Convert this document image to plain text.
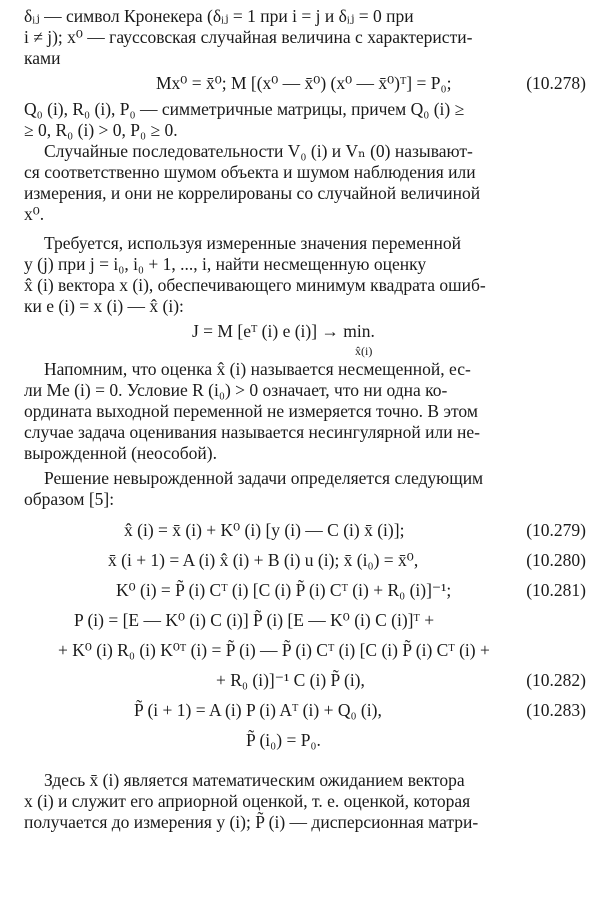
δᵢⱼ — символ Кронекера (δᵢⱼ = 1 при i = j и δᵢⱼ = 0 при

i ≠ j); x⁰ — гауссовская случайная величина с характеристи-

ками

Mx⁰ = x̄⁰; M [(x⁰ — x̄⁰) (x⁰ — x̄⁰)ᵀ] = P₀;	(10.278)

Q₀ (i), R₀ (i), P₀ — симметричные матрицы, причем Q₀ (i) ≥

≥ 0, R₀ (i) > 0, P₀ ≥ 0.

Случайные последовательности V₀ (i) и Vₙ (0) называют-

ся соответственно шумом объекта и шумом наблюдения или

измерения, и они не коррелированы со случайной величиной

x⁰.

Требуется, используя измеренные значения переменной

y (j) при j = i₀, i₀ + 1, ..., i, найти несмещенную оценку

x̂ (i) вектора x (i), обеспечивающего минимум квадрата ошиб-

ки e (i) = x (i) — x̂ (i):

J = M [eᵀ (i) e (i)] → min.
x̂(i)

Напомним, что оценка x̂ (i) называется несмещенной, ес-

ли Me (i) = 0. Условие R (i₀) > 0 означает, что ни одна ко-

ордината выходной переменной не измеряется точно. В этом

случае задача оценивания называется несингулярной или не-

вырожденной (неособой).

Решение невырожденной задачи определяется следующим

образом [5]:

x̂ (i) = x̄ (i) + K⁰ (i) [y (i) — C (i) x̄ (i)];	(10.279)
x̄ (i + 1) = A (i) x̂ (i) + B (i) u (i); x̄ (i₀) = x̄⁰,	(10.280)
K⁰ (i) = P̃ (i) Cᵀ (i) [C (i) P̃ (i) Cᵀ (i) + R₀ (i)]⁻¹;	(10.281)
P (i) = [E — K⁰ (i) C (i)] P̃ (i) [E — K⁰ (i) C (i)]ᵀ +
+ K⁰ (i) R₀ (i) K⁰ᵀ (i) = P̃ (i) — P̃ (i) Cᵀ (i) [C (i) P̃ (i) Cᵀ (i) +
+ R₀ (i)]⁻¹ C (i) P̃ (i),	(10.282)
P̃ (i + 1) = A (i) P (i) Aᵀ (i) + Q₀ (i),	(10.283)
P̃ (i₀) = P₀.

Здесь x̄ (i) является математическим ожиданием вектора

x (i) и служит его априорной оценкой, т. е. оценкой, которая

получается до измерения y (i); P̃ (i) — дисперсионная матри-
